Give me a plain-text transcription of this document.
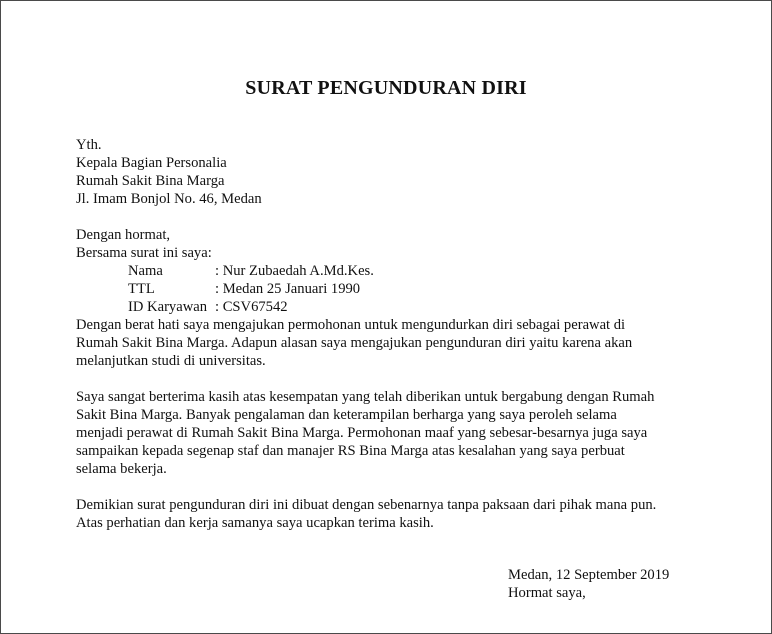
SURAT PENGUNDURAN DIRI
Yth.
Kepala Bagian Personalia
Rumah Sakit Bina Marga
Jl. Imam Bonjol No. 46, Medan
Dengan hormat,
Bersama surat ini saya:
Nama	: Nur Zubaedah A.Md.Kes.
TTL	: Medan 25 Januari 1990
ID Karyawan : CSV67542
Dengan berat hati saya mengajukan permohonan untuk mengundurkan diri sebagai perawat di
Rumah Sakit Bina Marga. Adapun alasan saya mengajukan pengunduran diri yaitu karena akan
melanjutkan studi di universitas.
Saya sangat berterima kasih atas kesempatan yang telah diberikan untuk bergabung dengan Rumah
Sakit Bina Marga. Banyak pengalaman dan keterampilan berharga yang saya peroleh selama
menjadi perawat di Rumah Sakit Bina Marga. Permohonan maaf yang sebesar-besarnya juga saya
sampaikan kepada segenap staf dan manajer RS Bina Marga atas kesalahan yang saya perbuat
selama bekerja.
Demikian surat pengunduran diri ini dibuat dengan sebenarnya tanpa paksaan dari pihak mana pun.
Atas perhatian dan kerja samanya saya ucapkan terima kasih.
Medan, 12 September 2019
Hormat saya,
